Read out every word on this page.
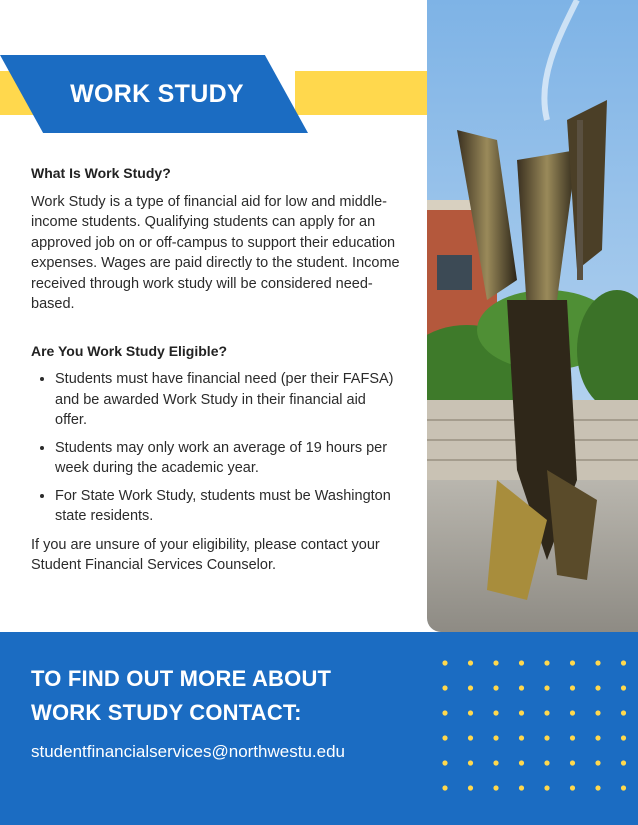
WORK STUDY
What Is Work Study?

Work Study is a type of financial aid for low and middle-income students. Qualifying students can apply for an approved job on or off-campus to support their education expenses. Wages are paid directly to the student. Income received through work study will be considered need-based.

Are You Work Study Eligible?
• Students must have financial need (per their FAFSA) and be awarded Work Study in their financial aid offer.
• Students may only work an average of 19 hours per week during the academic year.
• For State Work Study, students must be Washington state residents.

If you are unsure of your eligibility, please contact your Student Financial Services Counselor.

TO FIND OUT MORE ABOUT
WORK STUDY CONTACT:
studentfinancialservices@northwestu.edu
